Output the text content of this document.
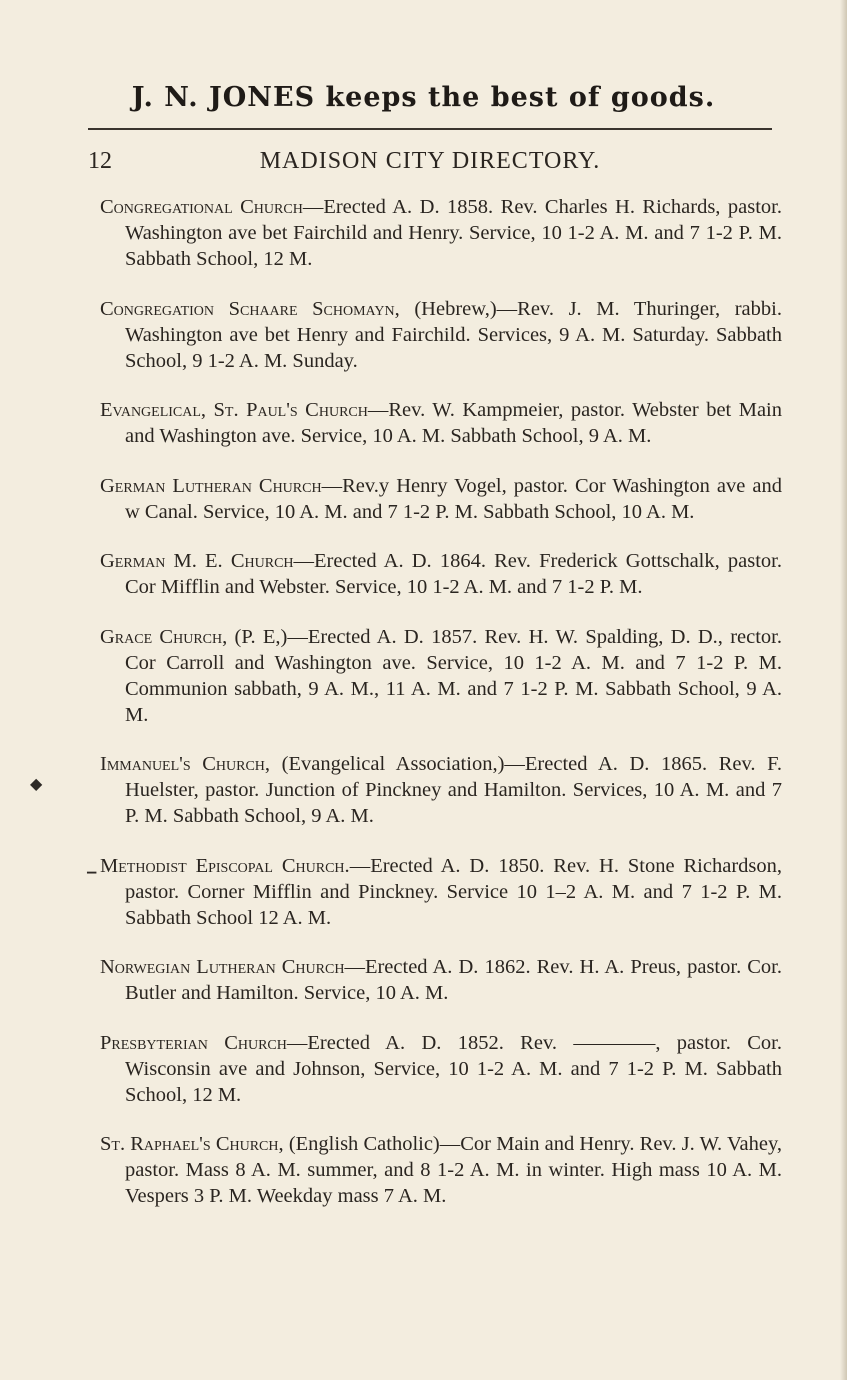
J. N. JONES keeps the best of goods.
12	MADISON CITY DIRECTORY.
Congregational Church—Erected A. D. 1858. Rev. Charles H. Richards, pastor. Washington ave bet Fairchild and Henry. Service, 10 1-2 A. M. and 7 1-2 P. M. Sabbath School, 12 M.
Congregation Schaare Schomayn, (Hebrew,)—Rev. J. M. Thuringer, rabbi. Washington ave bet Henry and Fairchild. Services, 9 A. M. Saturday. Sabbath School, 9 1-2 A. M. Sunday.
Evangelical, St. Paul's Church—Rev. W. Kampmeier, pastor. Webster bet Main and Washington ave. Service, 10 A. M. Sabbath School, 9 A. M.
German Lutheran Church—Rev.y Henry Vogel, pastor. Cor Washington ave and w Canal. Service, 10 A. M. and 7 1-2 P. M. Sabbath School, 10 A. M.
German M. E. Church—Erected A. D. 1864. Rev. Frederick Gottschalk, pastor. Cor Mifflin and Webster. Service, 10 1-2 A. M. and 7 1-2 P. M.
Grace Church, (P. E,)—Erected A. D. 1857. Rev. H. W. Spalding, D. D., rector. Cor Carroll and Washington ave. Service, 10 1-2 A. M. and 7 1-2 P. M. Communion sabbath, 9 A. M., 11 A. M. and 7 1-2 P. M. Sabbath School, 9 A. M.
Immanuel's Church, (Evangelical Association,)—Erected A. D. 1865. Rev. F. Huelster, pastor. Junction of Pinckney and Hamilton. Services, 10 A. M. and 7 P. M. Sabbath School, 9 A. M.
Methodist Episcopal Church.—Erected A. D. 1850. Rev. H. Stone Richardson, pastor. Corner Mifflin and Pinckney. Service 10 1–2 A. M. and 7 1-2 P. M. Sabbath School 12 A. M.
Norwegian Lutheran Church—Erected A. D. 1862. Rev. H. A. Preus, pastor. Cor. Butler and Hamilton. Service, 10 A. M.
Presbyterian Church—Erected A. D. 1852. Rev. ————, pastor. Cor. Wisconsin ave and Johnson, Service, 10 1-2 A. M. and 7 1-2 P. M. Sabbath School, 12 M.
St. Raphael's Church, (English Catholic)—Cor Main and Henry. Rev. J. W. Vahey, pastor. Mass 8 A. M. summer, and 8 1-2 A. M. in winter. High mass 10 A. M. Vespers 3 P. M. Weekday mass 7 A. M.
◆
▔
